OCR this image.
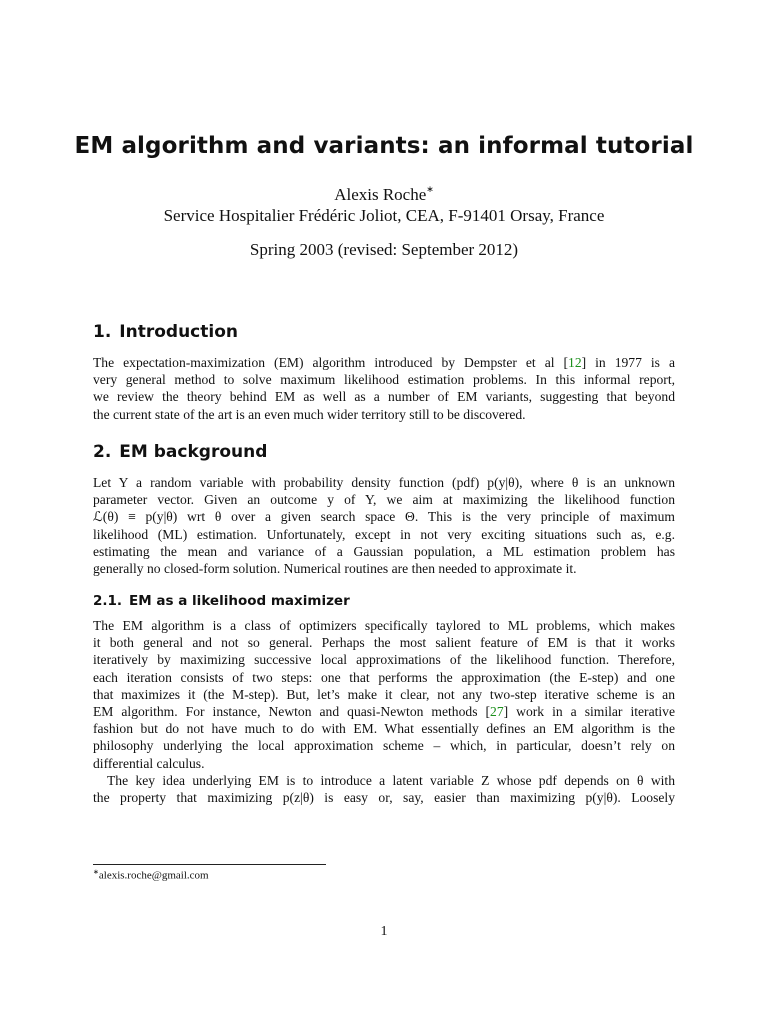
EM algorithm and variants: an informal tutorial
Alexis Roche∗
Service Hospitalier Frédéric Joliot, CEA, F-91401 Orsay, France
Spring 2003 (revised: September 2012)
1. Introduction
The expectation-maximization (EM) algorithm introduced by Dempster et al [12] in 1977 is a
very general method to solve maximum likelihood estimation problems. In this informal report,
we review the theory behind EM as well as a number of EM variants, suggesting that beyond
the current state of the art is an even much wider territory still to be discovered.
2. EM background
Let Y a random variable with probability density function (pdf) p(y|θ), where θ is an unknown
parameter vector. Given an outcome y of Y, we aim at maximizing the likelihood function
ℒ(θ) ≡ p(y|θ) wrt θ over a given search space Θ. This is the very principle of maximum
likelihood (ML) estimation. Unfortunately, except in not very exciting situations such as, e.g.
estimating the mean and variance of a Gaussian population, a ML estimation problem has
generally no closed-form solution. Numerical routines are then needed to approximate it.
2.1. EM as a likelihood maximizer
The EM algorithm is a class of optimizers specifically taylored to ML problems, which makes
it both general and not so general. Perhaps the most salient feature of EM is that it works
iteratively by maximizing successive local approximations of the likelihood function. Therefore,
each iteration consists of two steps: one that performs the approximation (the E-step) and one
that maximizes it (the M-step). But, let’s make it clear, not any two-step iterative scheme is an
EM algorithm. For instance, Newton and quasi-Newton methods [27] work in a similar iterative
fashion but do not have much to do with EM. What essentially defines an EM algorithm is the
philosophy underlying the local approximation scheme – which, in particular, doesn’t rely on
differential calculus.
The key idea underlying EM is to introduce a latent variable Z whose pdf depends on θ with
the property that maximizing p(z|θ) is easy or, say, easier than maximizing p(y|θ). Loosely
∗alexis.roche@gmail.com
1
